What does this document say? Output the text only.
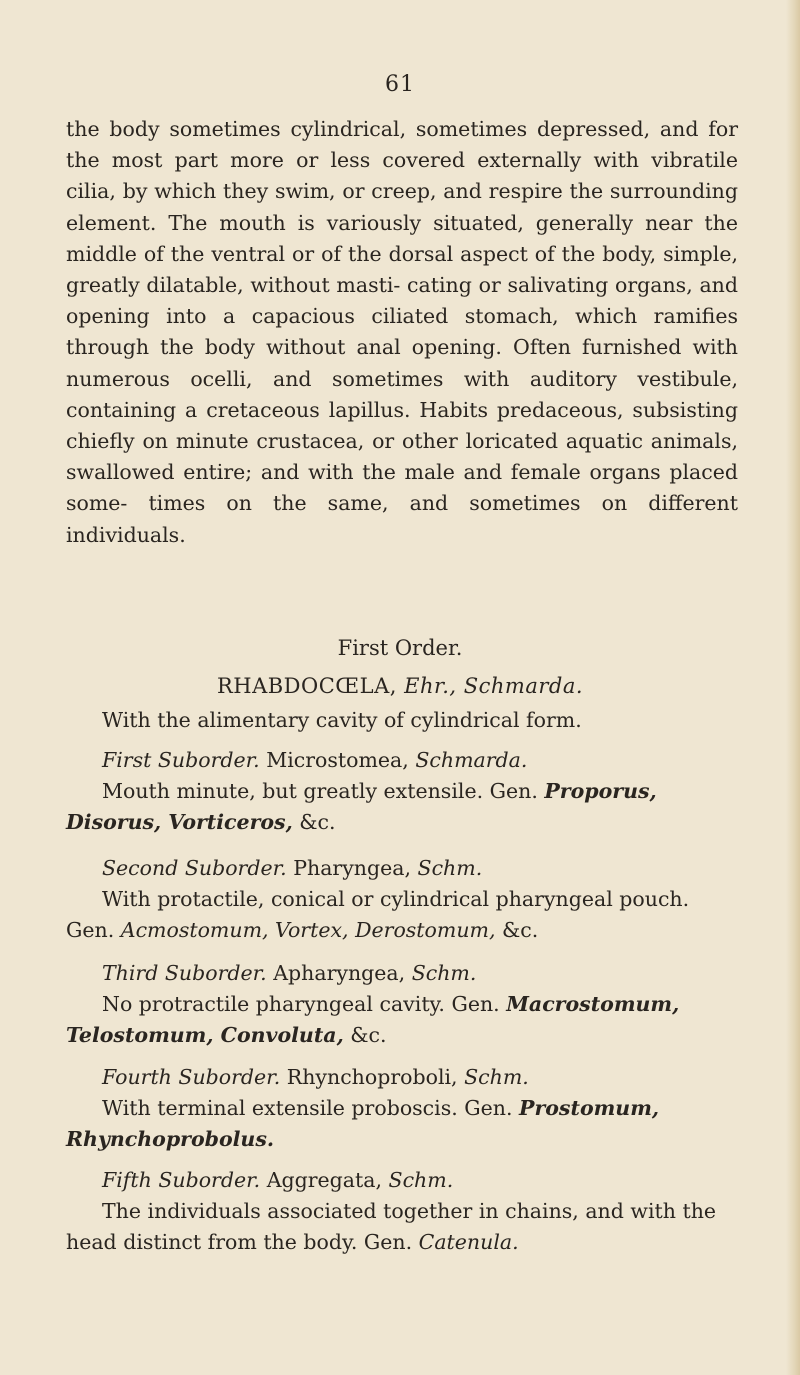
61

the body sometimes cylindrical, sometimes depressed, and for the most part more or less covered externally with vibratile cilia, by which they swim, or creep, and respire the surrounding element. The mouth is variously situated, generally near the middle of the ventral or of the dorsal aspect of the body, simple, greatly dilatable, without masti- cating or salivating organs, and opening into a capacious ciliated stomach, which ramifies through the body without anal opening. Often furnished with numerous ocelli, and sometimes with auditory vestibule, containing a cretaceous lapillus. Habits predaceous, subsisting chiefly on minute crustacea, or other loricated aquatic animals, swallowed entire; and with the male and female organs placed some- times on the same, and sometimes on different individuals.

First Order.
RHABDOCŒLA, Ehr., Schmarda.
With the alimentary cavity of cylindrical form.
First Suborder. Microstomea, Schmarda.
Mouth minute, but greatly extensile. Gen. Proporus, Disorus, Vorticeros, &c.
Second Suborder. Pharyngea, Schm.
With protactile, conical or cylindrical pharyngeal pouch. Gen. Acmostomum, Vortex, Derostomum, &c.
Third Suborder. Apharyngea, Schm.
No protractile pharyngeal cavity. Gen. Macrostomum, Telostomum, Convoluta, &c.
Fourth Suborder. Rhynchoproboli, Schm.
With terminal extensile proboscis. Gen. Prostomum, Rhynchoprobolus.
Fifth Suborder. Aggregata, Schm.
The individuals associated together in chains, and with the head distinct from the body. Gen. Catenula.
